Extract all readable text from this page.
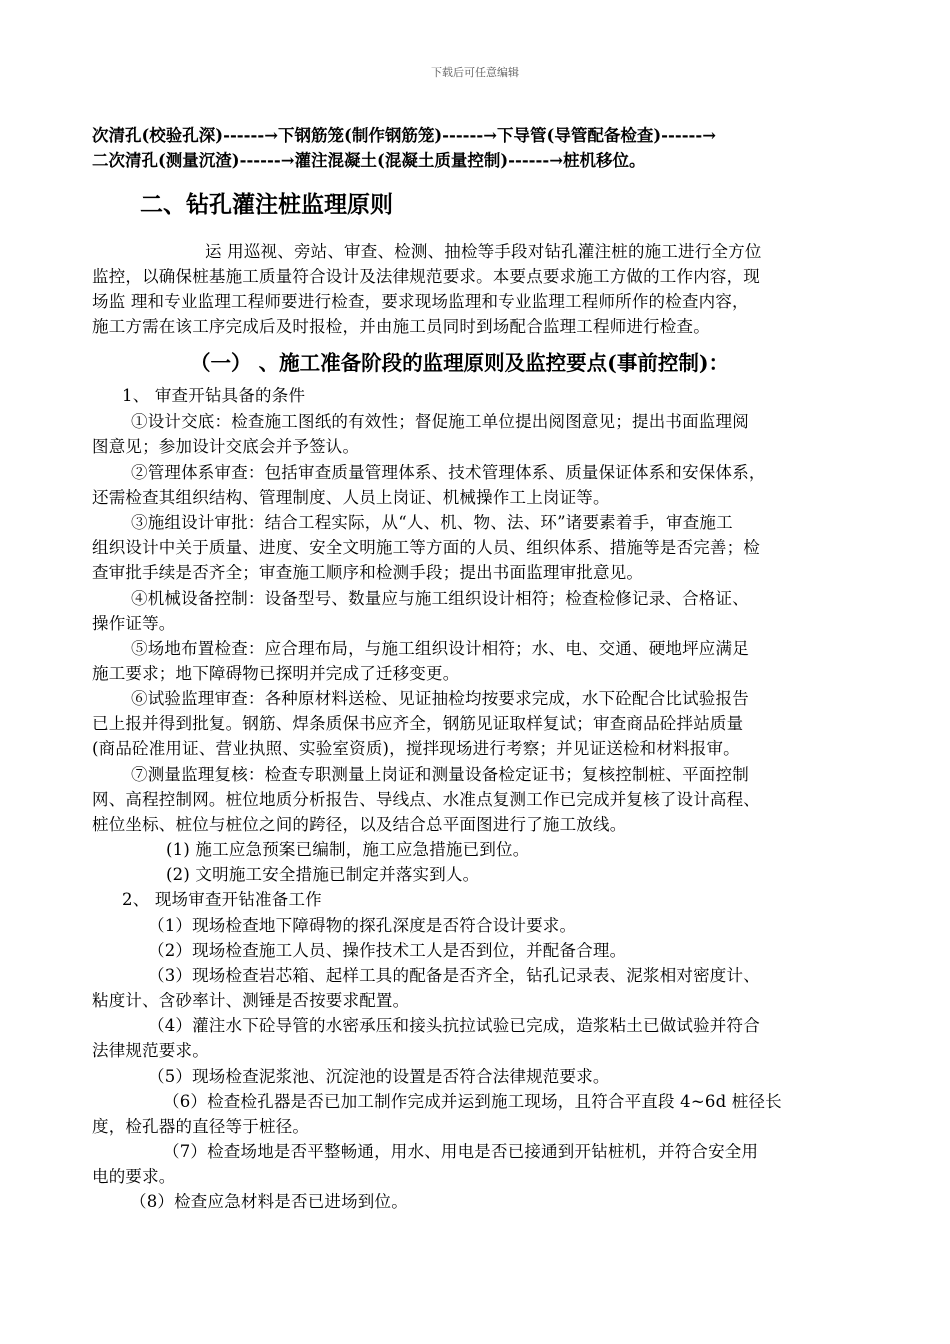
下载后可任意编辑
次清孔(校验孔深)------→下钢筋笼(制作钢筋笼)------→下导管(导管配备检查)------→
二次清孔(测量沉渣)------→灌注混凝土(混凝土质量控制)------→桩机移位。
二、钻孔灌注桩监理原则
运 用巡视、旁站、审查、检测、抽检等手段对钻孔灌注桩的施工进行全方位
监控，以确保桩基施工质量符合设计及法律规范要求。本要点要求施工方做的工作内容，现
场监 理和专业监理工程师要进行检查，要求现场监理和专业监理工程师所作的检查内容，
施工方需在该工序完成后及时报检，并由施工员同时到场配合监理工程师进行检查。
（一） 、施工准备阶段的监理原则及监控要点(事前控制)：
1、 审查开钻具备的条件
①设计交底：检查施工图纸的有效性；督促施工单位提出阅图意见；提出书面监理阅
图意见；参加设计交底会并予签认。
②管理体系审查：包括审查质量管理体系、技术管理体系、质量保证体系和安保体系，
还需检查其组织结构、管理制度、人员上岗证、机械操作工上岗证等。
③施组设计审批：结合工程实际，从“人、机、物、法、环”诸要素着手，审查施工
组织设计中关于质量、进度、安全文明施工等方面的人员、组织体系、措施等是否完善；检
查审批手续是否齐全；审查施工顺序和检测手段；提出书面监理审批意见。
④机械设备控制：设备型号、数量应与施工组织设计相符；检查检修记录、合格证、
操作证等。
⑤场地布置检查：应合理布局，与施工组织设计相符；水、电、交通、硬地坪应满足
施工要求；地下障碍物已探明并完成了迁移变更。
⑥试验监理审查：各种原材料送检、见证抽检均按要求完成，水下砼配合比试验报告
已上报并得到批复。钢筋、焊条质保书应齐全，钢筋见证取样复试；审查商品砼拌站质量
(商品砼准用证、营业执照、实验室资质)，搅拌现场进行考察；并见证送检和材料报审。
⑦测量监理复核：检查专职测量上岗证和测量设备检定证书；复核控制桩、平面控制
网、高程控制网。桩位地质分析报告、导线点、水准点复测工作已完成并复核了设计高程、
桩位坐标、桩位与桩位之间的跨径，以及结合总平面图进行了施工放线。
(1) 施工应急预案已编制，施工应急措施已到位。
(2) 文明施工安全措施已制定并落实到人。
2、 现场审查开钻准备工作
（1）现场检查地下障碍物的探孔深度是否符合设计要求。
（2）现场检查施工人员、操作技术工人是否到位，并配备合理。
（3）现场检查岩芯箱、起样工具的配备是否齐全，钻孔记录表、泥浆相对密度计、
粘度计、含砂率计、测锤是否按要求配置。
（4）灌注水下砼导管的水密承压和接头抗拉试验已完成，造浆粘土已做试验并符合
法律规范要求。
（5）现场检查泥浆池、沉淀池的设置是否符合法律规范要求。
（6）检查检孔器是否已加工制作完成并运到施工现场，且符合平直段 4~6d 桩径长
度，检孔器的直径等于桩径。
（7）检查场地是否平整畅通，用水、用电是否已接通到开钻桩机，并符合安全用
电的要求。
（8）检查应急材料是否已进场到位。
